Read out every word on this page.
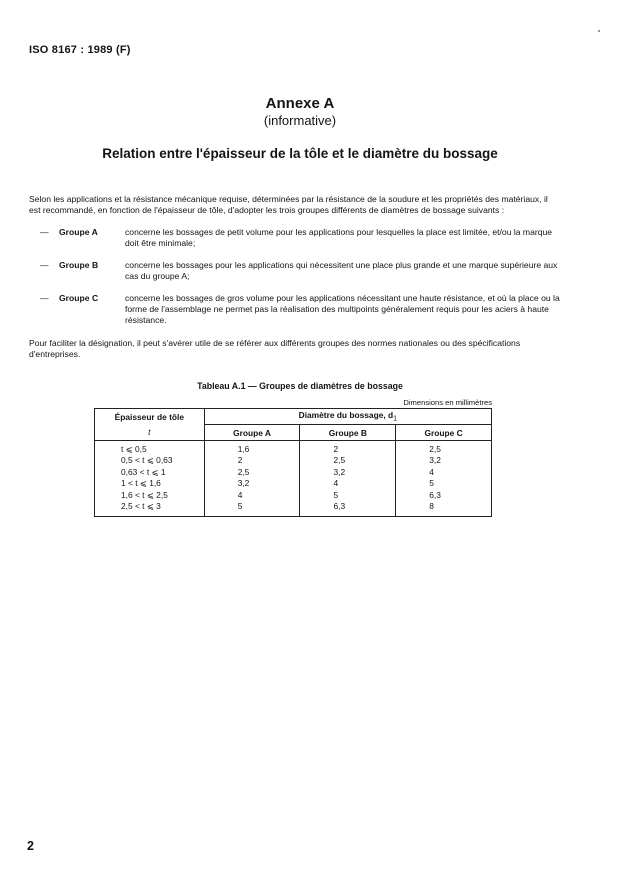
ISO 8167 : 1989 (F)
Annexe A
(informative)
Relation entre l'épaisseur de la tôle et le diamètre du bossage
Selon les applications et la résistance mécanique requise, déterminées par la résistance de la soudure et les propriétés des matériaux, il est recommandé, en fonction de l'épaisseur de tôle, d'adopter les trois groupes différents de diamètres de bossage suivants :
— Groupe A	concerne les bossages de petit volume pour les applications pour lesquelles la place est limitée, et/ou la marque doit être minimale;
— Groupe B	concerne les bossages pour les applications qui nécessitent une place plus grande et une marque supérieure aux cas du groupe A;
— Groupe C	concerne les bossages de gros volume pour les applications nécessitant une haute résistance, et où la place ou la forme de l'assemblage ne permet pas la réalisation des multipoints généralement requis pour les aciers à haute résistance.
Pour faciliter la désignation, il peut s'avérer utile de se référer aux différents groupes des normes nationales ou des spécifications d'entreprises.
Tableau A.1 — Groupes de diamètres de bossage
Dimensions en millimètres
Épaisseur de tôle	Diamètre du bossage, $d_1$
t	Groupe A	Groupe B	Groupe C
t ⩽ 0,5	1,6	2	2,5
0,5 < t ⩽ 0,63	2	2,5	3,2
0,63 < t ⩽ 1	2,5	3,2	4
1 < t ⩽ 1,6	3,2	4	5
1,6 < t ⩽ 2,5	4	5	6,3
2,5 < t ⩽ 3	5	6,3	8
2
